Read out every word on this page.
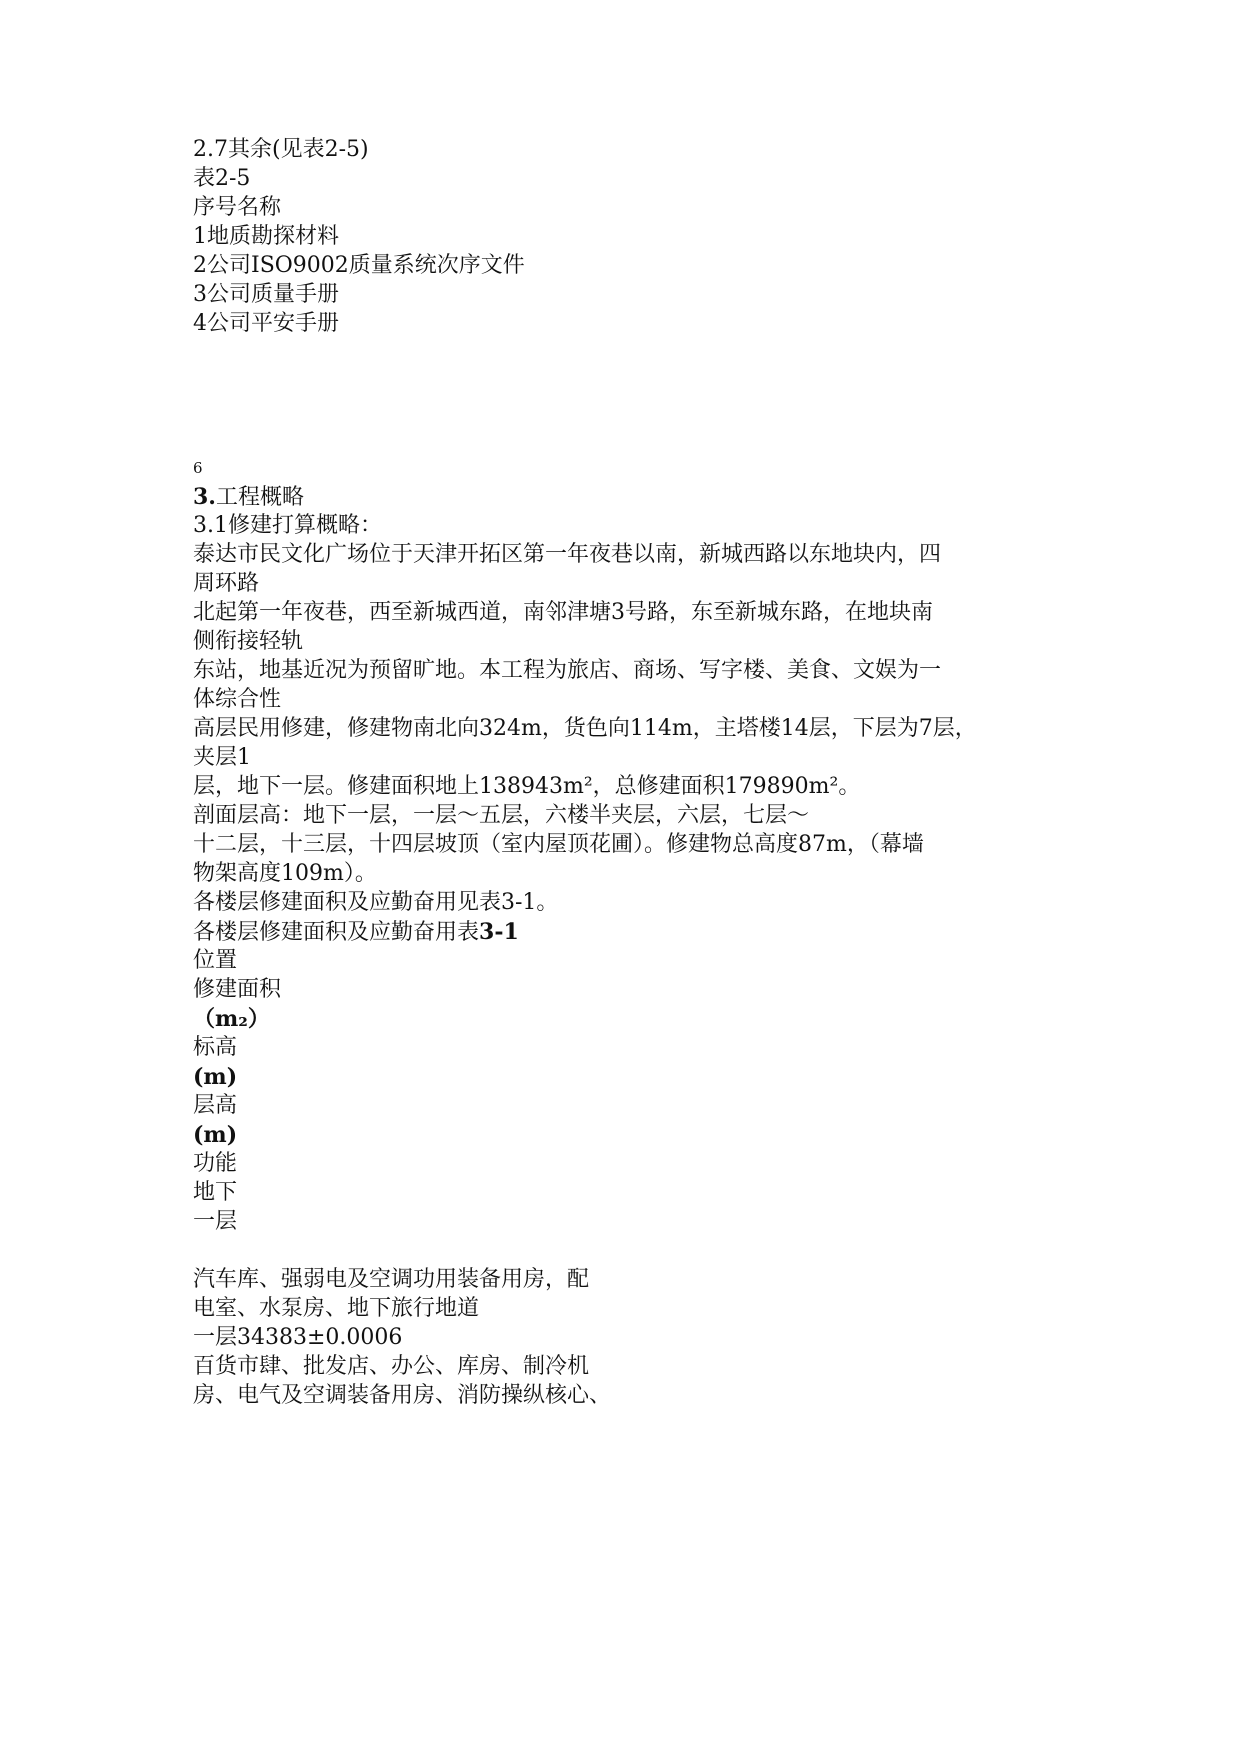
2.7其余(见表2-5)

表2-5

序号名称

1地质勘探材料

2公司ISO9002质量系统次序文件

3公司质量手册

4公司平安手册

6

3.工程概略

3.1修建打算概略：

泰达市民文化广场位于天津开拓区第一年夜巷以南，新城西路以东地块内，四

周环路

北起第一年夜巷，西至新城西道，南邻津塘3号路，东至新城东路，在地块南

侧衔接轻轨

东站，地基近况为预留旷地。本工程为旅店、商场、写字楼、美食、文娱为一

体综合性

高层民用修建，修建物南北向324m，货色向114m，主塔楼14层，下层为7层，

夹层1

层，地下一层。修建面积地上138943m²，总修建面积179890m²。

剖面层高：地下一层，一层～五层，六楼半夹层，六层，七层～

十二层，十三层，十四层坡顶（室内屋顶花圃）。修建物总高度87m，（幕墙

物架高度109m）。

各楼层修建面积及应勤奋用见表3-1。

各楼层修建面积及应勤奋用表3-1

位置

修建面积

（m₂）

标高

(m)

层高

(m)

功能

地下

一层

汽车库、强弱电及空调功用装备用房，配

电室、水泵房、地下旅行地道

一层34383±0.0006

百货市肆、批发店、办公、库房、制冷机

房、电气及空调装备用房、消防操纵核心、
